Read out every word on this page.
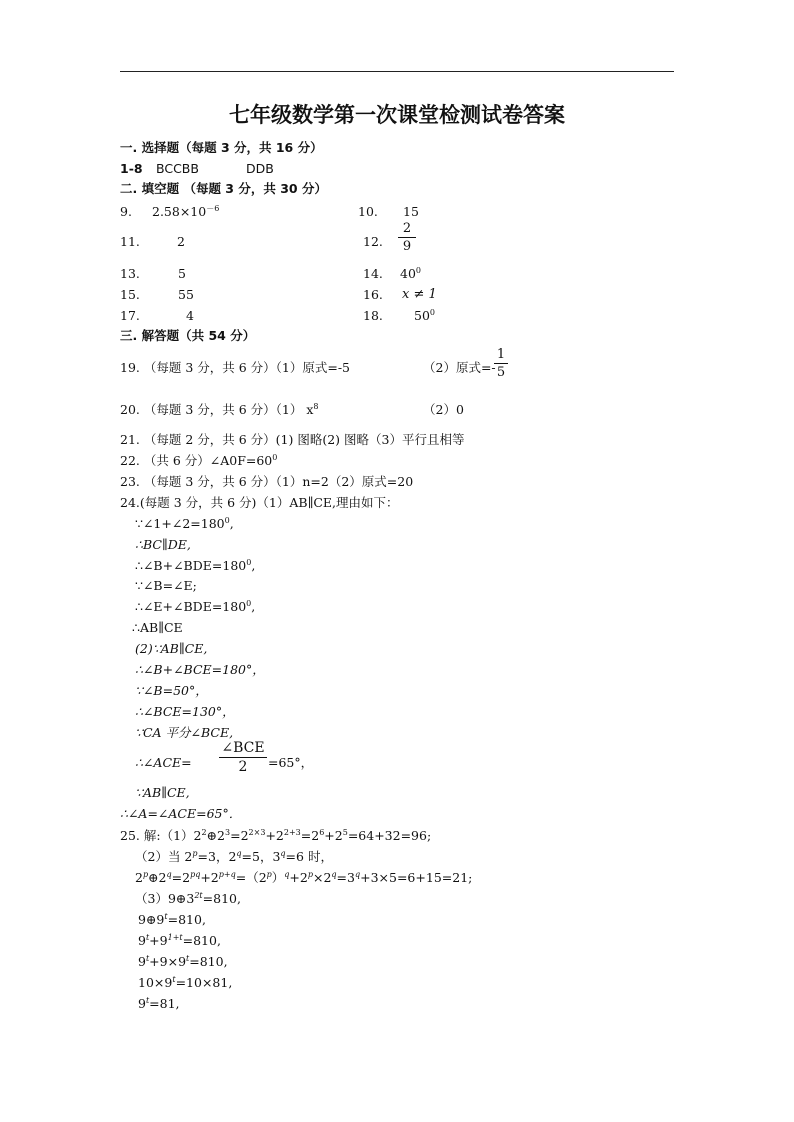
七年级数学第一次课堂检测试卷答案
一. 选择题（每题 3 分，共 16 分）
1-8 BCCBB	DDB
二. 填空题 （每题 3 分，共 30 分）
9. $2.58\times 10^{-6}$	10. 15
11.	2	12.
2
9
13.	5	14. $40^0$
15.	55	16. x ≠ 1
17.	4	18. $50^0$
三. 解答题（共 54 分）
19. （每题 3 分，共 6 分）（1）原式=-5	（2）原式=-
1
5
20. （每题 3 分，共 6 分）（1） $x^8$	（2）0
21. （每题 2 分，共 6 分）(1) 图略(2) 图略（3）平行且相等
22. （共 6 分）$\angle A0F=60^0$
23. （每题 3 分，共 6 分）（1）n=2（2）原式=20
24.(每题 3 分，共 6 分)（1）AB∥CE,理由如下：
$\because\angle 1+\angle 2=180^0$,
∴BC∥DE,
$\therefore\angle B+\angle BDE=180^0$,
∵∠B=∠E;
$\therefore\angle E+\angle BDE=180^0$,
∴AB∥CE
(2)∵AB∥CE,
∴∠B+∠BCE=180°，
∵∠B=50°，
∴∠BCE=130°，
∵CA 平分∠BCE,
∴∠ACE=
∠BCE
2	=65°，
∵AB∥CE,
∴∠A=∠ACE=65°．
25. 解$:(1)2^2\oplus 2^3=2^{2\times 3}+2^{2+3}=2^6+2^5=64+32=96$;
（2）当 $2^p=3$，$2^q=5$，$3^q=6$ 时，
$2^p\oplus 2^q=2^{pq}+2^{p+q}=(2^p)^q+2^p\times 2^q=3^q+3\times 5=6+15=21$;
$(3)9\oplus 3^{2t}=810$,
$9\oplus 9^t=810$,
$9^t+9^{1+t}=810$,
$9^t+9\times 9^t=810$,
$10\times 9^t=10\times 81$,
$9^t=81$,
